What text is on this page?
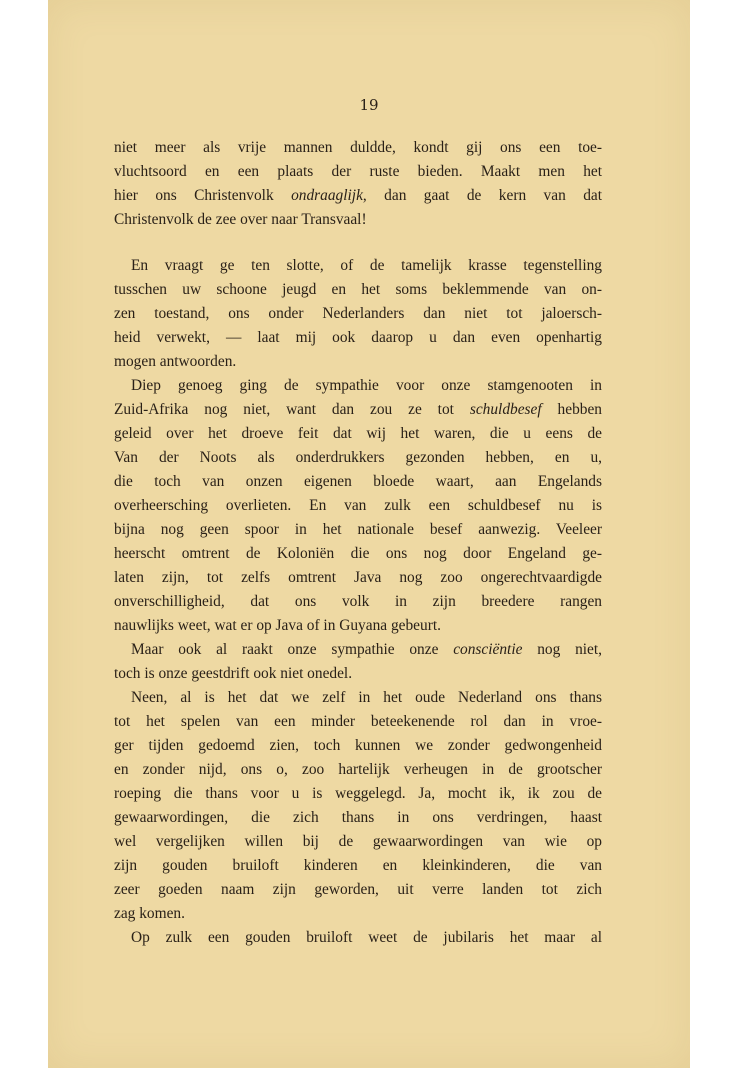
19
niet meer als vrije mannen duldde, kondt gij ons een toe-
vluchtsoord en een plaats der ruste bieden. Maakt men het
hier ons Christenvolk ondraaglijk, dan gaat de kern van dat
Christenvolk de zee over naar Transvaal!
En vraagt ge ten slotte, of de tamelijk krasse tegenstelling
tusschen uw schoone jeugd en het soms beklemmende van on-
zen toestand, ons onder Nederlanders dan niet tot jaloersch-
heid verwekt, — laat mij ook daarop u dan even openhartig
mogen antwoorden.
Diep genoeg ging de sympathie voor onze stamgenooten in
Zuid-Afrika nog niet, want dan zou ze tot schuldbesef hebben
geleid over het droeve feit dat wij het waren, die u eens de
Van der Noots als onderdrukkers gezonden hebben, en u,
die toch van onzen eigenen bloede waart, aan Engelands
overheersching overlieten. En van zulk een schuldbesef nu is
bijna nog geen spoor in het nationale besef aanwezig. Veeleer
heerscht omtrent de Koloniën die ons nog door Engeland ge-
laten zijn, tot zelfs omtrent Java nog zoo ongerechtvaardigde
onverschilligheid, dat ons volk in zijn breedere rangen
nauwlijks weet, wat er op Java of in Guyana gebeurt.
Maar ook al raakt onze sympathie onze consciëntie nog niet,
toch is onze geestdrift ook niet onedel.
Neen, al is het dat we zelf in het oude Nederland ons thans
tot het spelen van een minder beteekenende rol dan in vroe-
ger tijden gedoemd zien, toch kunnen we zonder gedwongenheid
en zonder nijd, ons o, zoo hartelijk verheugen in de grootscher
roeping die thans voor u is weggelegd. Ja, mocht ik, ik zou de
gewaarwordingen, die zich thans in ons verdringen, haast
wel vergelijken willen bij de gewaarwordingen van wie op
zijn gouden bruiloft kinderen en kleinkinderen, die van
zeer goeden naam zijn geworden, uit verre landen tot zich
zag komen.
Op zulk een gouden bruiloft weet de jubilaris het maar al
